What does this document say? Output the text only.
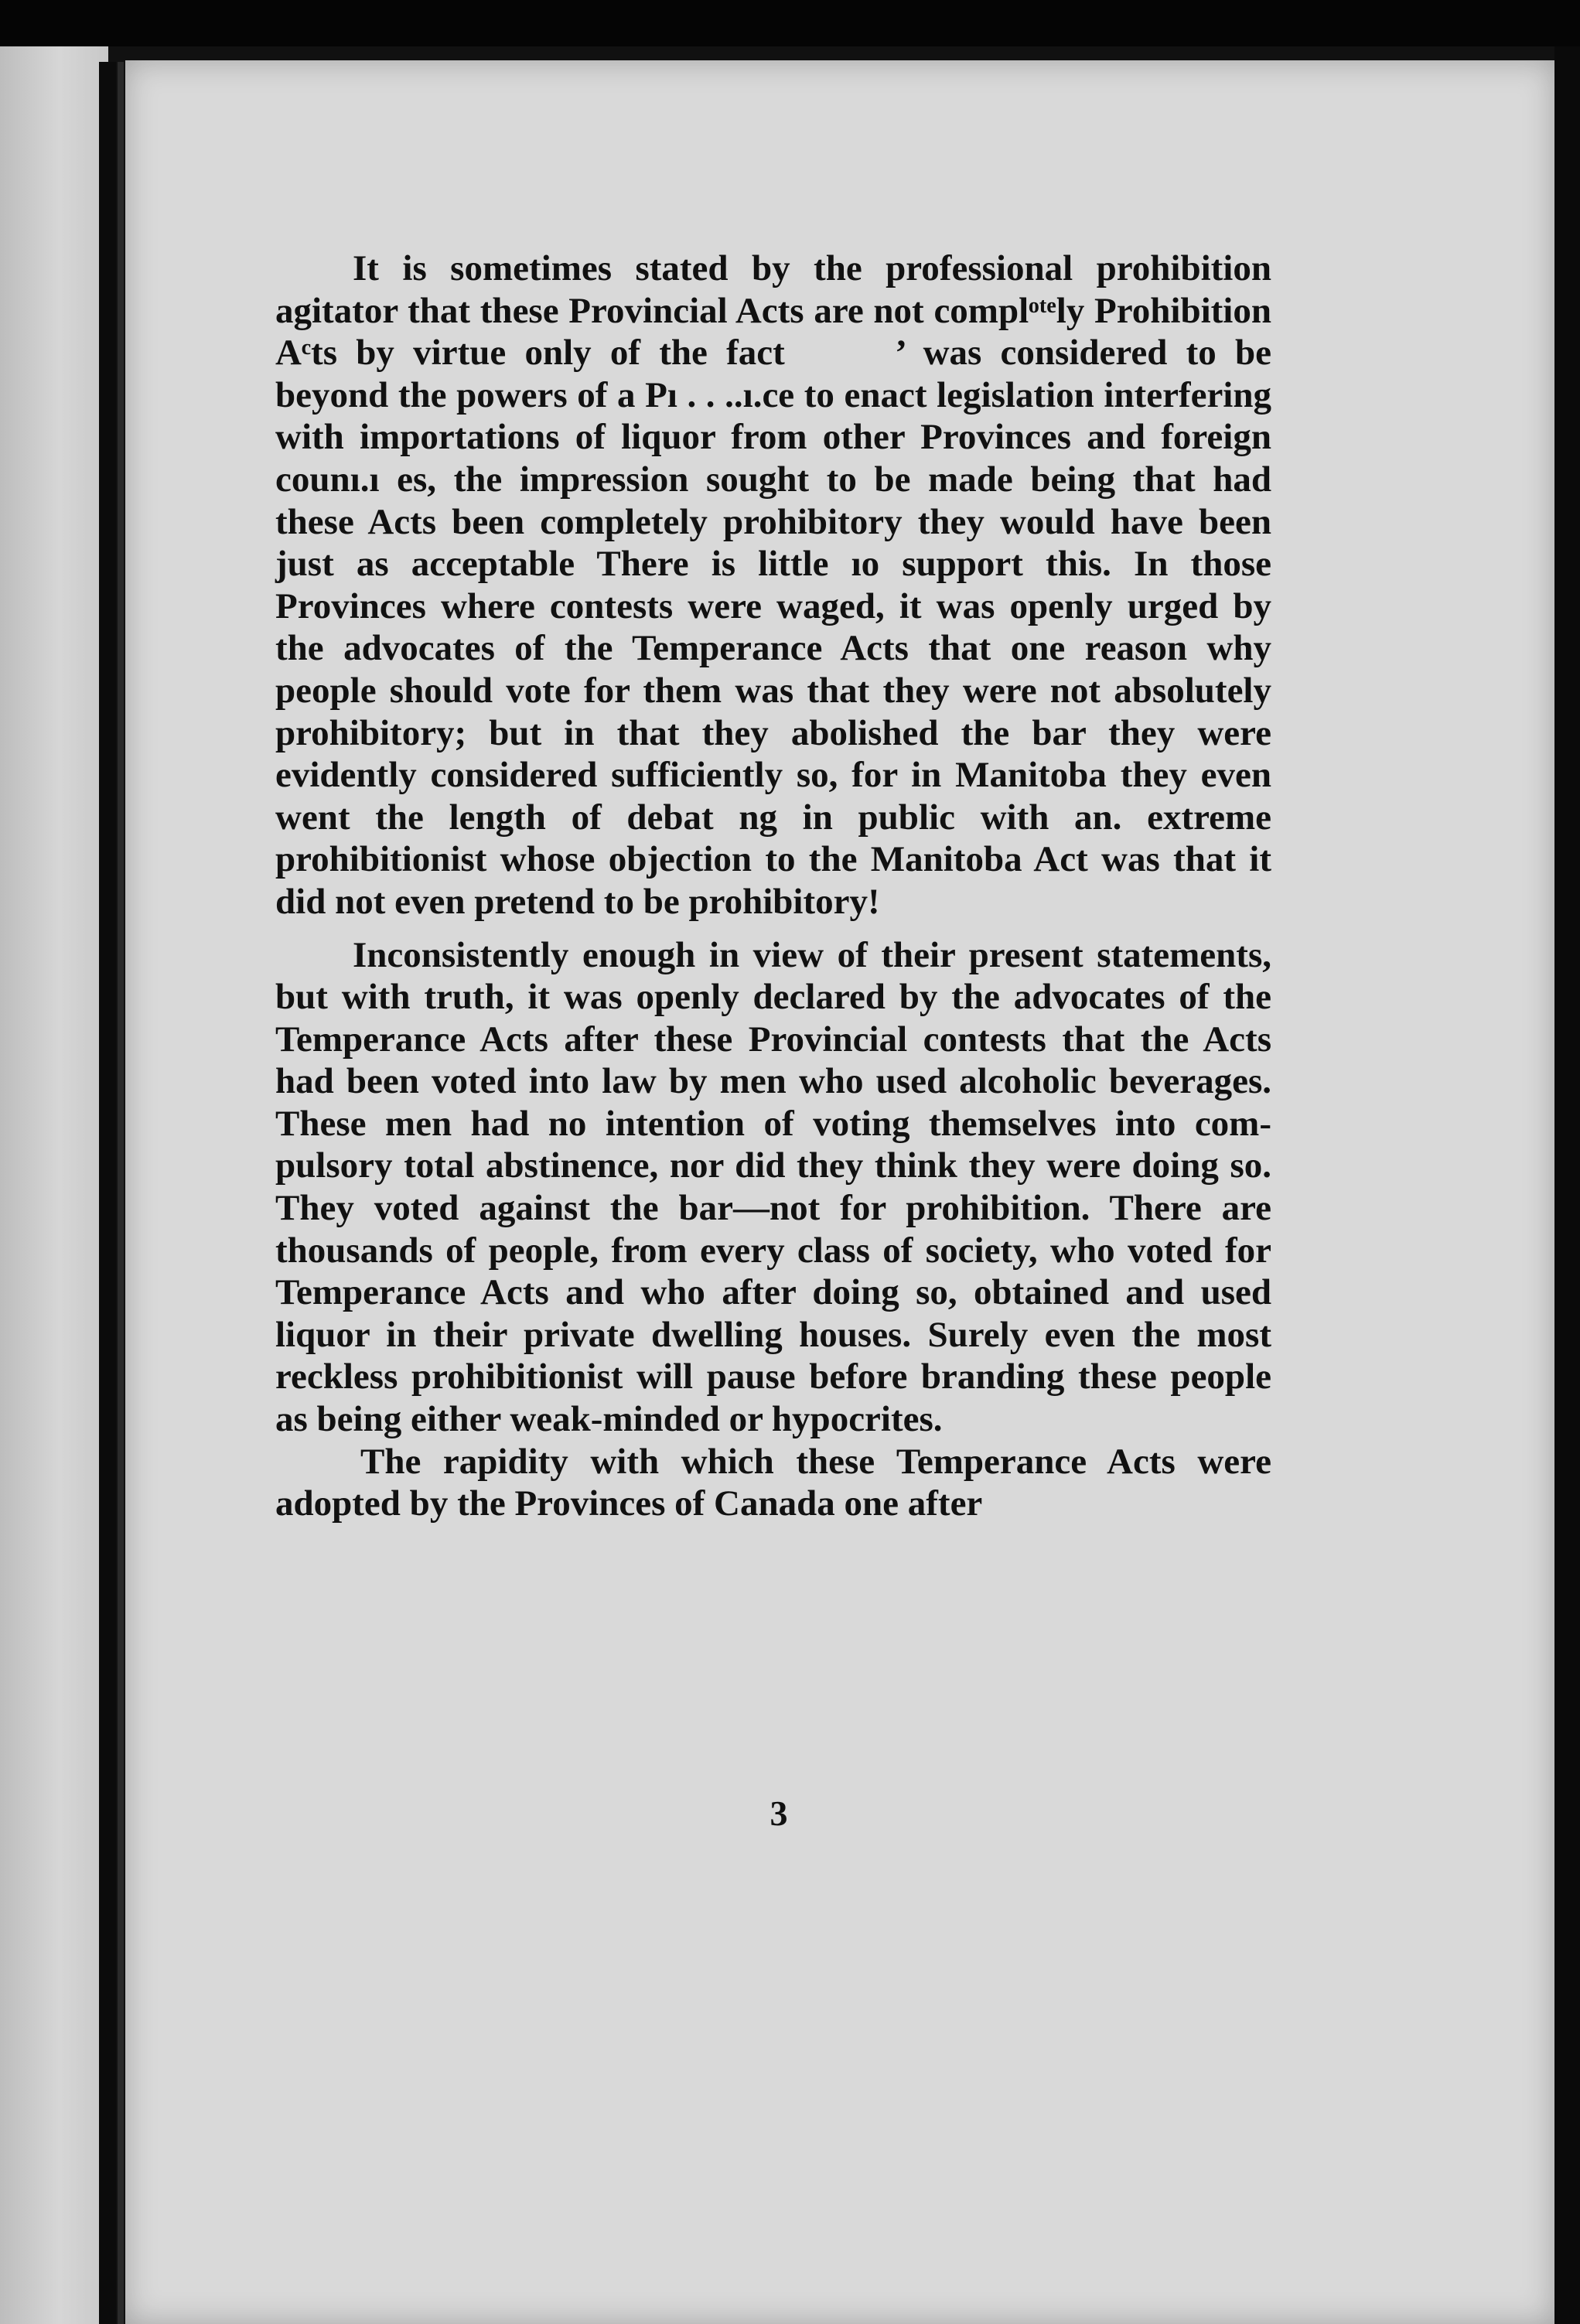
It is sometimes stated by the professional prohibition agitator that these Provincial Acts are not complᵒᵗᵉly Prohibition Aᶜts by virtue only of the fact    ’ was considered to be beyond the powers of a Pı . . ..ı.ce to enact legislation interfering with importations of liquor from other Provinces and foreign counı.ı es, the impression sought to be made being that had these Acts been completely prohibitory they would have been just as acceptable There is little ıo support this. In those Provinces where contests were waged, it was openly urged by the advocates of the Temperance Acts that one reason why people should vote for them was that they were not absolutely prohibitory; but in that they abolished the bar they were evidently considered sufficiently so, for in Manitoba they even went the length of debat ng in public with an. extreme prohibitionist whose objection to the Manitoba Act was that it did not even pretend to be prohibitory!

Inconsistently enough in view of their present statements, but with truth, it was openly declared by the advocates of the Temperance Acts after these Provincial contests that the Acts had been voted into law by men who used alcoholic beverages. These men had no intention of voting themselves into compulsory total abstinence, nor did they think they were doing so. They voted against the bar—not for prohibition. There are thousands of people, from every class of society, who voted for Temperance Acts and who after doing so, obtained and used liquor in their private dwelling houses. Surely even the most reckless prohibitionist will pause before branding these people as being either weak-minded or hypocrites.

The rapidity with which these Temperance Acts were adopted by the Provinces of Canada one after

3
